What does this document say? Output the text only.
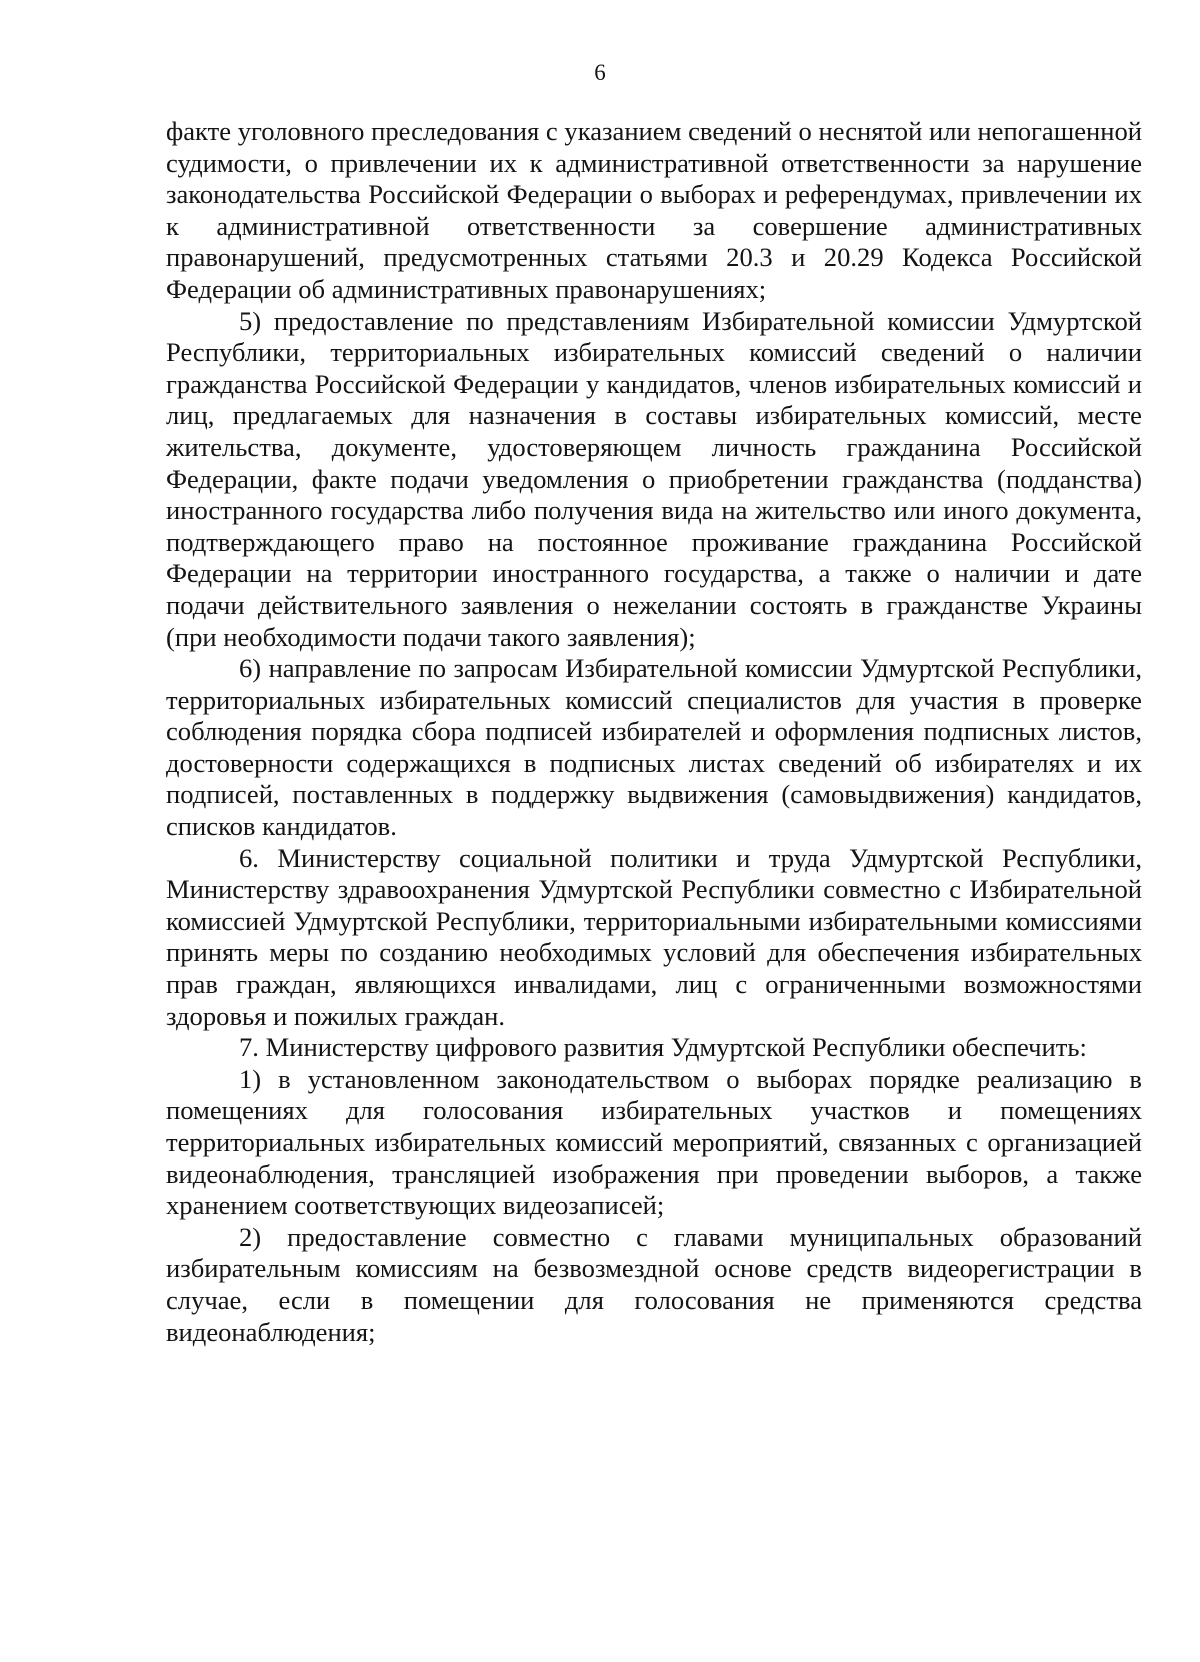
6

факте уголовного преследования с указанием сведений о неснятой или непогашенной судимости, о привлечении их к административной ответственности за нарушение законодательства Российской Федерации о выборах и референдумах, привлечении их к административной ответственности за совершение административных правонарушений, предусмотренных статьями 20.3 и 20.29 Кодекса Российской Федерации об административных правонарушениях;

5) предоставление по представлениям Избирательной комиссии Удмуртской Республики, территориальных избирательных комиссий сведений о наличии гражданства Российской Федерации у кандидатов, членов избирательных комиссий и лиц, предлагаемых для назначения в составы избирательных комиссий, месте жительства, документе, удостоверяющем личность гражданина Российской Федерации, факте подачи уведомления о приобретении гражданства (подданства) иностранного государства либо получения вида на жительство или иного документа, подтверждающего право на постоянное проживание гражданина Российской Федерации на территории иностранного государства, а также о наличии и дате подачи действительного заявления о нежелании состоять в гражданстве Украины (при необходимости подачи такого заявления);

6) направление по запросам Избирательной комиссии Удмуртской Республики, территориальных избирательных комиссий специалистов для участия в проверке соблюдения порядка сбора подписей избирателей и оформления подписных листов, достоверности содержащихся в подписных листах сведений об избирателях и их подписей, поставленных в поддержку выдвижения (самовыдвижения) кандидатов, списков кандидатов.

6. Министерству социальной политики и труда Удмуртской Республики, Министерству здравоохранения Удмуртской Республики совместно с Избирательной комиссией Удмуртской Республики, территориальными избирательными комиссиями принять меры по созданию необходимых условий для обеспечения избирательных прав граждан, являющихся инвалидами, лиц с ограниченными возможностями здоровья и пожилых граждан.

7. Министерству цифрового развития Удмуртской Республики обеспечить:

1) в установленном законодательством о выборах порядке реализацию в помещениях для голосования избирательных участков и помещениях территориальных избирательных комиссий мероприятий, связанных с организацией видеонаблюдения, трансляцией изображения при проведении выборов, а также хранением соответствующих видеозаписей;

2) предоставление совместно с главами муниципальных образований избирательным комиссиям на безвозмездной основе средств видеорегистрации в случае, если в помещении для голосования не применяются средства видеонаблюдения;
